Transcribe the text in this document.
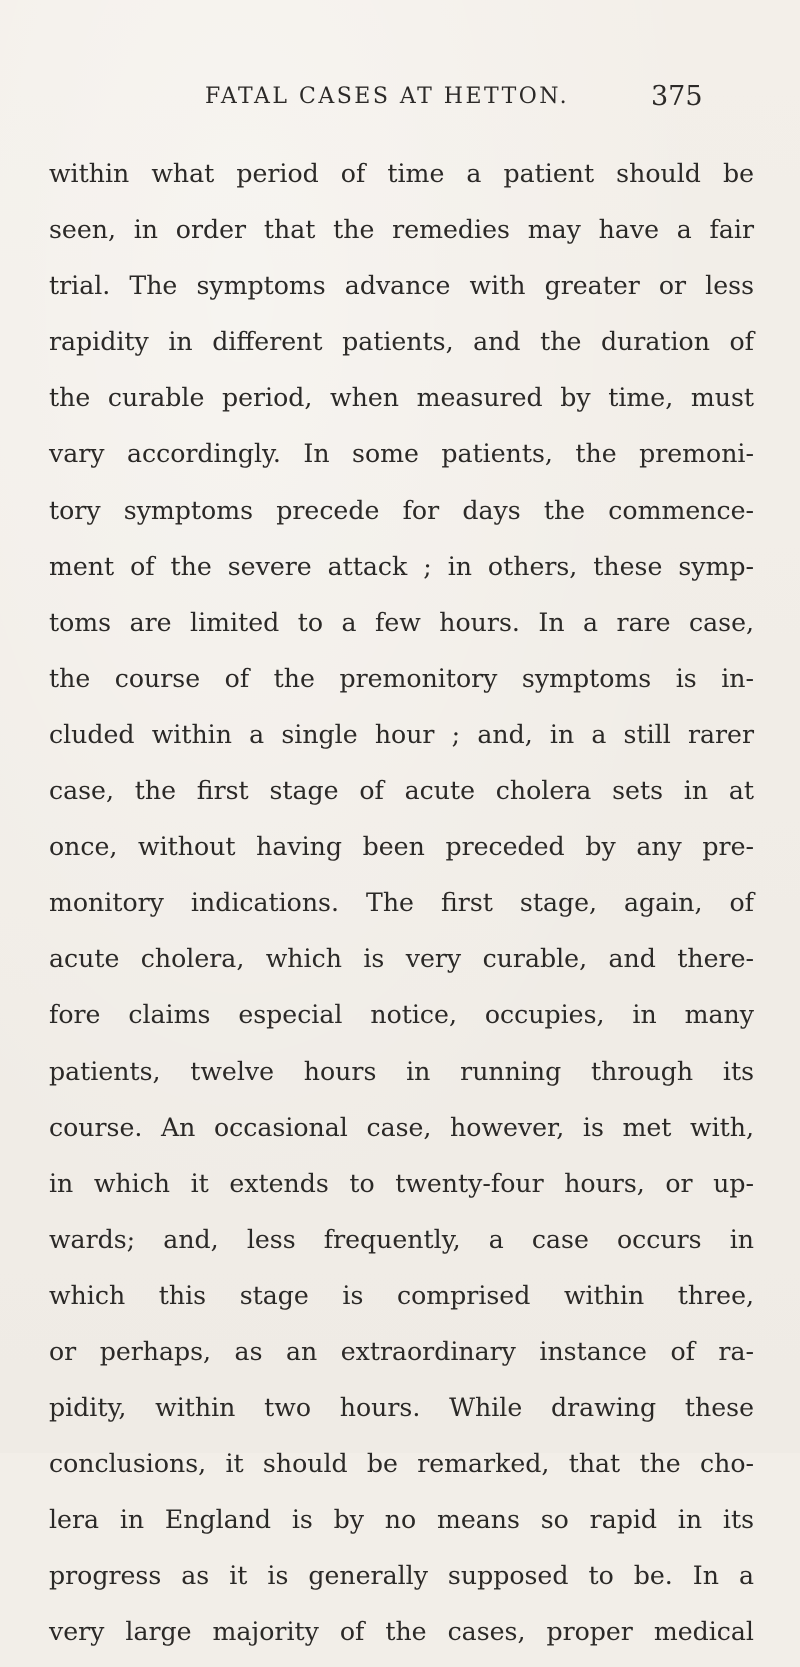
FATAL CASES AT HETTON.	375
within what period of time a patient should be
seen, in order that the remedies may have a fair
trial. The symptoms advance with greater or less
rapidity in different patients, and the duration of
the curable period, when measured by time, must
vary accordingly. In some patients, the premoni-
tory symptoms precede for days the commence-
ment of the severe attack ; in others, these symp-
toms are limited to a few hours. In a rare case,
the course of the premonitory symptoms is in-
cluded within a single hour ; and, in a still rarer
case, the first stage of acute cholera sets in at
once, without having been preceded by any pre-
monitory indications. The first stage, again, of
acute cholera, which is very curable, and there-
fore claims especial notice, occupies, in many
patients, twelve hours in running through its
course. An occasional case, however, is met with,
in which it extends to twenty-four hours, or up-
wards; and, less frequently, a case occurs in
which this stage is comprised within three,
or perhaps, as an extraordinary instance of ra-
pidity, within two hours. While drawing these
conclusions, it should be remarked, that the cho-
lera in England is by no means so rapid in its
progress as it is generally supposed to be. In a
very large majority of the cases, proper medical
